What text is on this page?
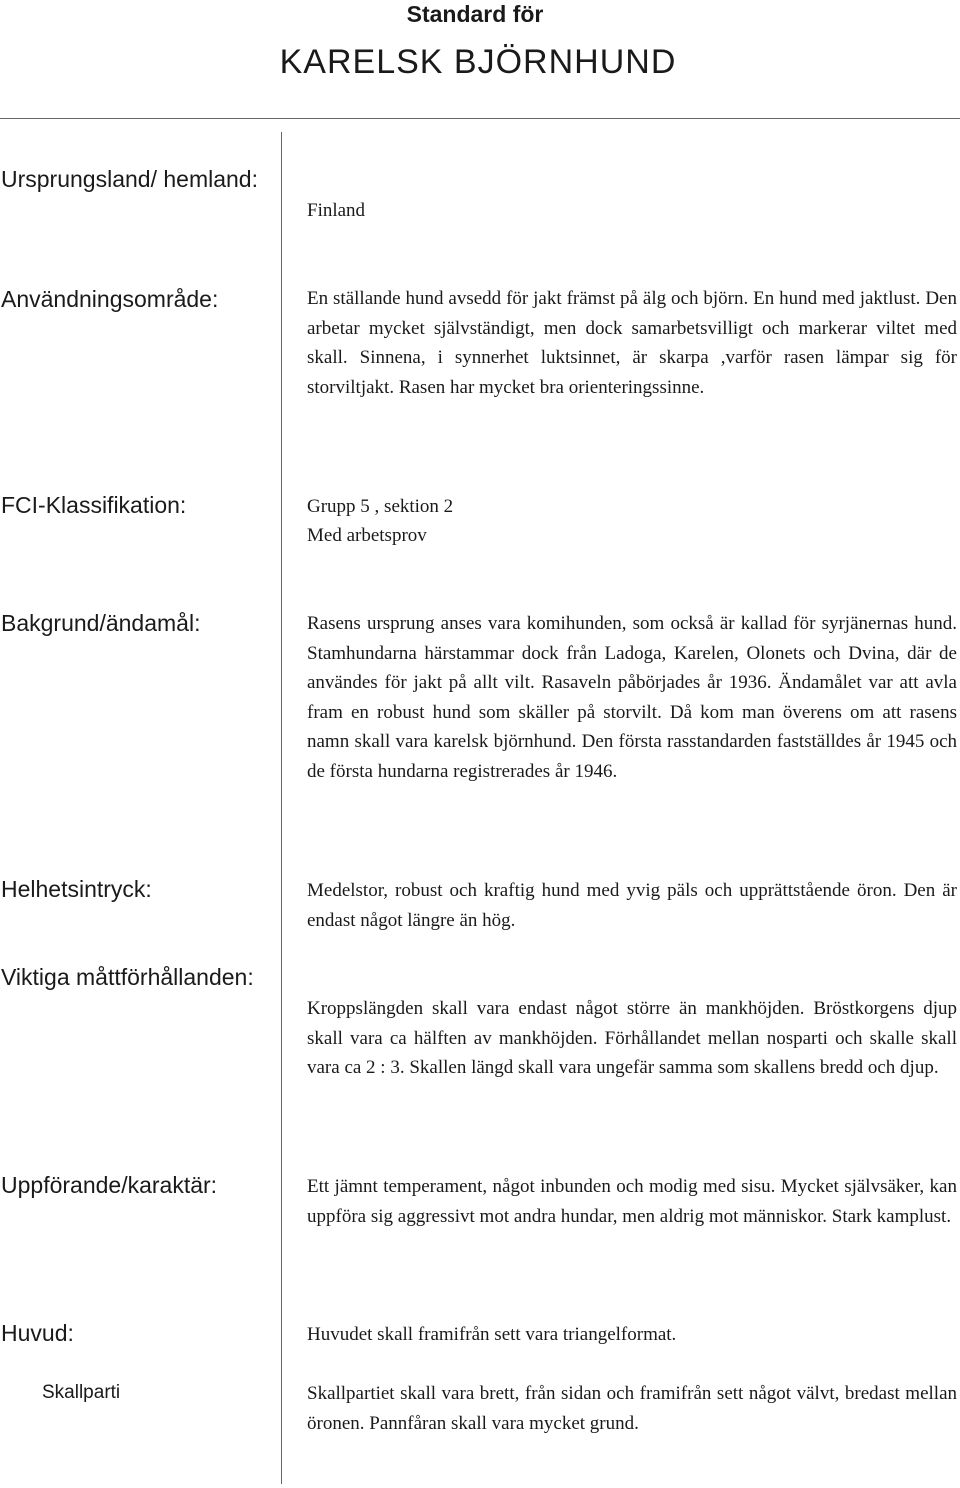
Standard för
KARELSK BJÖRNHUND
Ursprungsland/ hemland:
Finland
Användningsområde:	En ställande hund avsedd för jakt främst på älg och björn. En hund med jaktlust. Den arbetar mycket självständigt, men dock samarbetsvilligt och markerar viltet med skall. Sinnena, i synnerhet luktsinnet, är skarpa ,varför rasen lämpar sig för storviltjakt. Rasen har mycket bra orienteringssinne.
FCI-Klassifikation:	Grupp 5 , sektion 2
Med arbetsprov
Bakgrund/ändamål:	Rasens ursprung anses vara komihunden, som också är kallad för syrjänernas hund. Stamhundarna härstammar dock från Ladoga, Karelen, Olonets och Dvina, där de användes för jakt på allt vilt. Rasaveln påbörjades år 1936. Ändamålet var att avla fram en robust hund som skäller på storvilt. Då kom man överens om att rasens namn skall vara karelsk björnhund. Den första rasstandarden fastställdes år 1945 och de första hundarna registrerades år 1946.
Helhetsintryck:	Medelstor, robust och kraftig hund med yvig päls och upprättstående öron. Den är endast något längre än hög.
Viktiga måttförhållanden:
Kroppslängden skall vara endast något större än mankhöjden. Bröstkorgens djup skall vara ca hälften av mankhöjden. Förhållandet mellan nosparti och skalle skall vara ca 2 : 3. Skallen längd skall vara ungefär samma som skallens bredd och djup.
Uppförande/karaktär:	Ett jämnt temperament, något inbunden och modig med sisu. Mycket självsäker, kan uppföra sig aggressivt mot andra hundar, men aldrig mot människor. Stark kamplust.
Huvud:	Huvudet skall framifrån sett vara triangelformat.
Skallparti	Skallpartiet skall vara brett, från sidan och framifrån sett något välvt, bredast mellan öronen. Pannfåran skall vara mycket grund.
